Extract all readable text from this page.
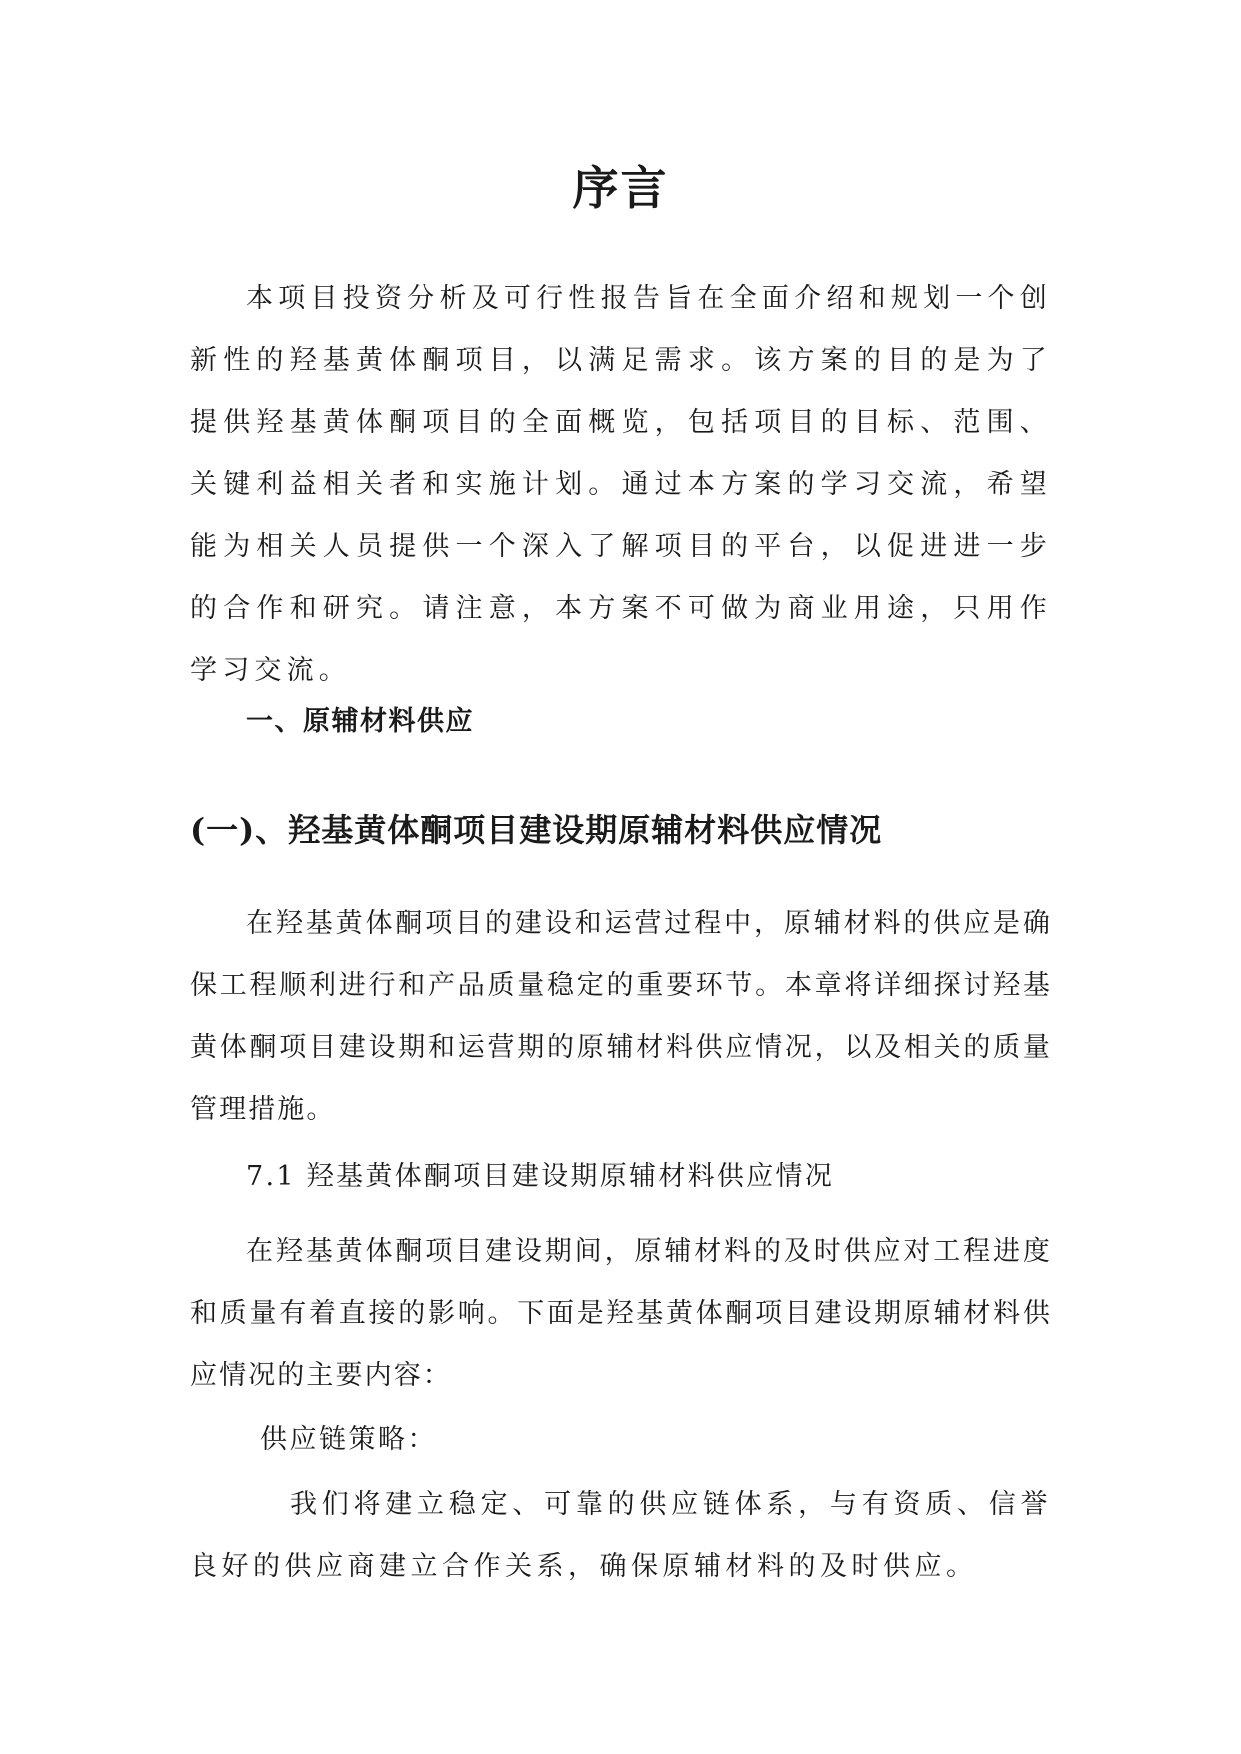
序言

本项目投资分析及可行性报告旨在全面介绍和规划一个创新性的羟基黄体酮项目，以满足需求。该方案的目的是为了提供羟基黄体酮项目的全面概览，包括项目的目标、范围、关键利益相关者和实施计划。通过本方案的学习交流，希望能为相关人员提供一个深入了解项目的平台，以促进进一步的合作和研究。请注意，本方案不可做为商业用途，只用作学习交流。

一、原辅材料供应
(一)、羟基黄体酮项目建设期原辅材料供应情况

在羟基黄体酮项目的建设和运营过程中，原辅材料的供应是确保工程顺利进行和产品质量稳定的重要环节。本章将详细探讨羟基黄体酮项目建设期和运营期的原辅材料供应情况，以及相关的质量管理措施。

7.1 羟基黄体酮项目建设期原辅材料供应情况

在羟基黄体酮项目建设期间，原辅材料的及时供应对工程进度和质量有着直接的影响。下面是羟基黄体酮项目建设期原辅材料供应情况的主要内容：

供应链策略：

我们将建立稳定、可靠的供应链体系，与有资质、信誉良好的供应商建立合作关系，确保原辅材料的及时供应。
